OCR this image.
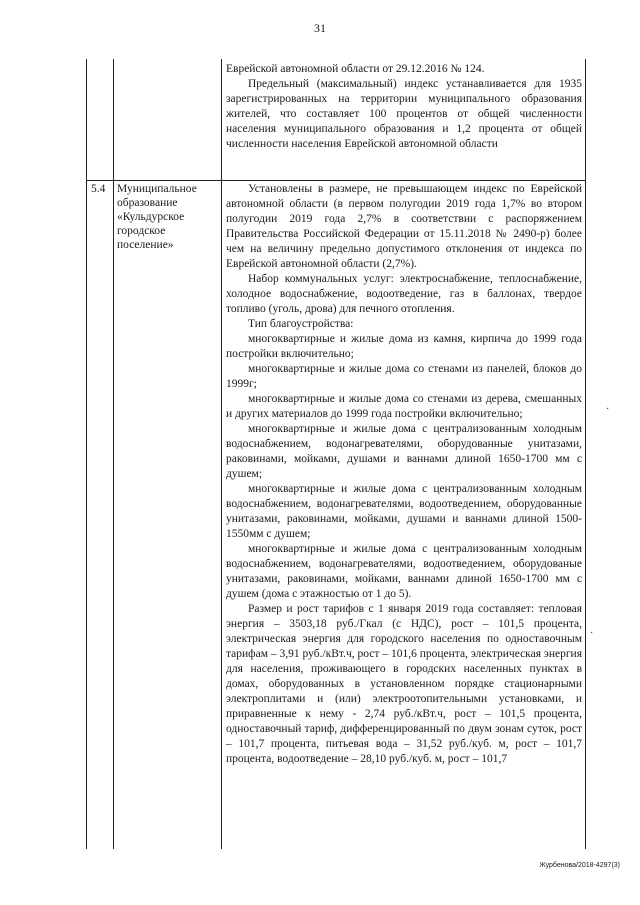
31

Еврейской автономной области от 29.12.2016 № 124.

Предельный (максимальный) индекс устанавливается для 1935 зарегистрированных на территории муниципального образования жителей, что составляет 100 процентов от общей численности населения муниципального образования и 1,2 процента от общей численности населения Еврейской автономной области

5.4	Муниципальное
образование
«Кульдурское
городское
поселение»

Установлены в размере, не превышающем индекс по Еврейской автономной области (в первом полугодии 2019 года 1,7% во втором полугодии 2019 года 2,7% в соответствии с распоряжением Правительства Российской Федерации от 15.11.2018 № 2490-р) более чем на величину предельно допустимого отклонения от индекса по Еврейской автономной области (2,7%).

Набор коммунальных услуг: электроснабжение, теплоснабжение, холодное водоснабжение, водоотведение, газ в баллонах, твердое топливо (уголь, дрова) для печного отопления.

Тип благоустройства:

многоквартирные и жилые дома из камня, кирпича до 1999 года постройки включительно;

многоквартирные и жилые дома со стенами из панелей, блоков до 1999г;

многоквартирные и жилые дома со стенами из дерева, смешанных и других материалов до 1999 года постройки включительно;

многоквартирные и жилые дома с централизованным холодным водоснабжением, водонагревателями, оборудованные унитазами, раковинами, мойками, душами и ваннами длиной 1650-1700 мм с душем;

многоквартирные и жилые дома с централизованным холодным водоснабжением, водонагревателями, водоотведением, оборудованные унитазами, раковинами, мойками, душами и ваннами длиной 1500-1550мм с душем;

многоквартирные и жилые дома с централизованным холодным водоснабжением, водонагревателями, водоотведением, оборудованые унитазами, раковинами, мойками, ваннами длиной 1650-1700 мм с душем (дома с этажностью от 1 до 5).

Размер и рост тарифов с 1 января 2019 года составляет: тепловая энергия – 3503,18 руб./Гкал (с НДС), рост – 101,5 процента, электрическая энергия для городского населения по одноставочным тарифам – 3,91 руб./кВт.ч, рост – 101,6 процента, электрическая энергия для населения, проживающего в городских населенных пунктах в домах, оборудованных в установленном порядке стационарными электроплитами и (или) электроотопительными установками, и приравненные к нему - 2,74 руб./кВт.ч, рост – 101,5 процента, одноставочный тариф, дифференцированный по двум зонам суток, рост – 101,7 процента, питьевая вода – 31,52 руб./куб. м, рост – 101,7 процента, водоотведение – 28,10 руб./куб. м, рост – 101,7

·
·
Журбенова/2018-4297(3)
